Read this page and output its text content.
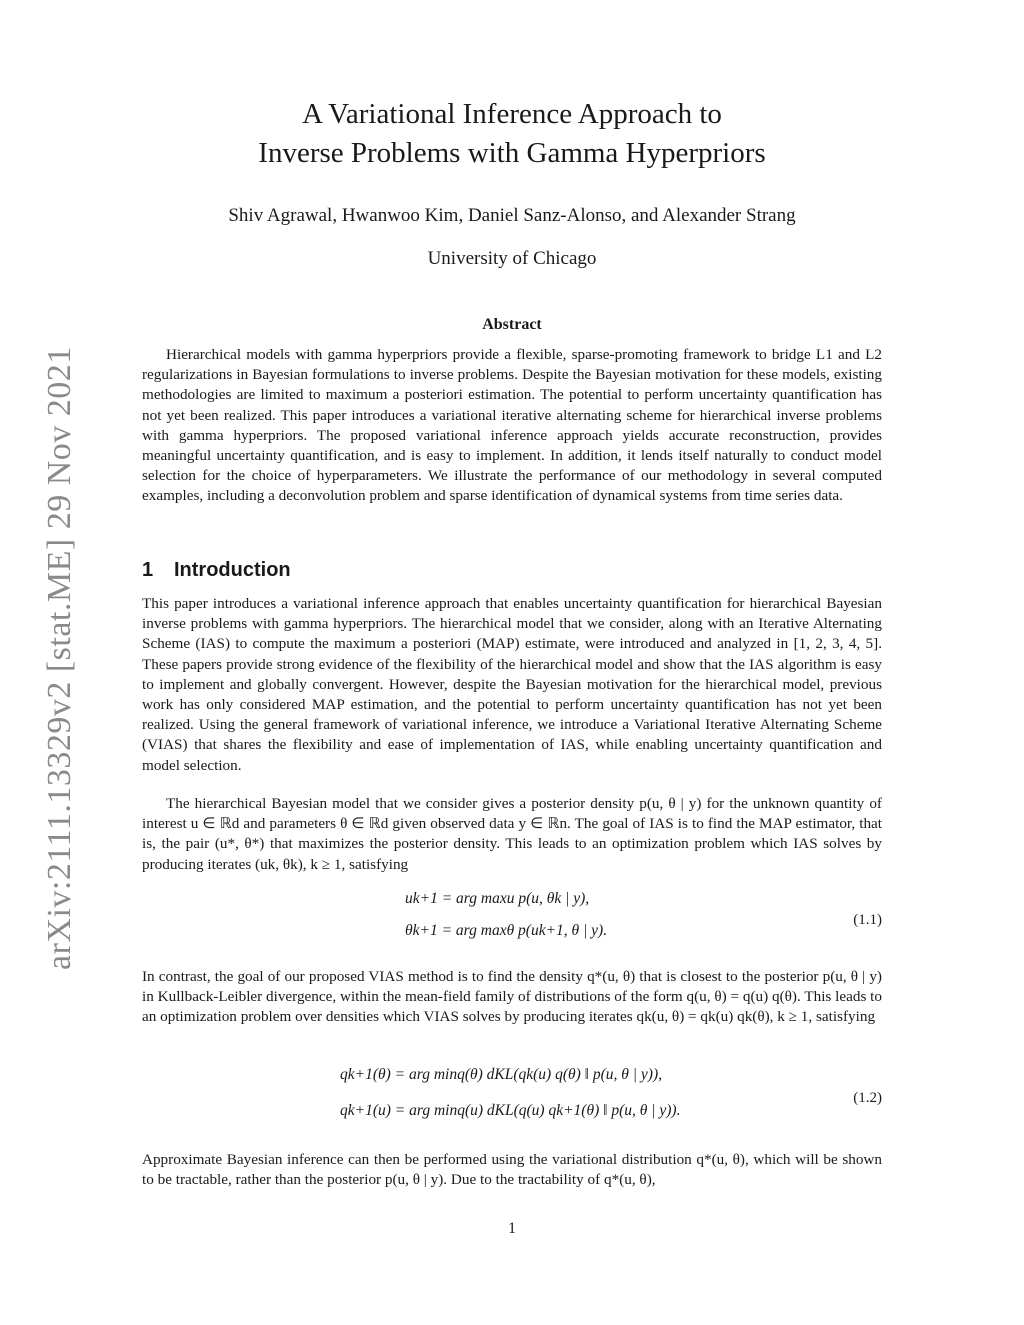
arXiv:2111.13329v2 [stat.ME] 29 Nov 2021
A Variational Inference Approach to
Inverse Problems with Gamma Hyperpriors
Shiv Agrawal, Hwanwoo Kim, Daniel Sanz-Alonso, and Alexander Strang
University of Chicago
Abstract
Hierarchical models with gamma hyperpriors provide a flexible, sparse-promoting framework to bridge L1 and L2 regularizations in Bayesian formulations to inverse problems. Despite the Bayesian motivation for these models, existing methodologies are limited to maximum a posteriori estimation. The potential to perform uncertainty quantification has not yet been realized. This paper introduces a variational iterative alternating scheme for hierarchical inverse problems with gamma hyperpriors. The proposed variational inference approach yields accurate reconstruction, provides meaningful uncertainty quantification, and is easy to implement. In addition, it lends itself naturally to conduct model selection for the choice of hyperparameters. We illustrate the performance of our methodology in several computed examples, including a deconvolution problem and sparse identification of dynamical systems from time series data.
1 Introduction
This paper introduces a variational inference approach that enables uncertainty quantification for hierarchical Bayesian inverse problems with gamma hyperpriors. The hierarchical model that we consider, along with an Iterative Alternating Scheme (IAS) to compute the maximum a posteriori (MAP) estimate, were introduced and analyzed in [1, 2, 3, 4, 5]. These papers provide strong evidence of the flexibility of the hierarchical model and show that the IAS algorithm is easy to implement and globally convergent. However, despite the Bayesian motivation for the hierarchical model, previous work has only considered MAP estimation, and the potential to perform uncertainty quantification has not yet been realized. Using the general framework of variational inference, we introduce a Variational Iterative Alternating Scheme (VIAS) that shares the flexibility and ease of implementation of IAS, while enabling uncertainty quantification and model selection.
The hierarchical Bayesian model that we consider gives a posterior density p(u, θ | y) for the unknown quantity of interest u ∈ ℝd and parameters θ ∈ ℝd given observed data y ∈ ℝn. The goal of IAS is to find the MAP estimator, that is, the pair (u*, θ*) that maximizes the posterior density. This leads to an optimization problem which IAS solves by producing iterates (uk, θk), k ≥ 1, satisfying
uk+1 = arg maxu p(u, θk | y),
θk+1 = arg maxθ p(uk+1, θ | y).
(1.1)
In contrast, the goal of our proposed VIAS method is to find the density q*(u, θ) that is closest to the posterior p(u, θ | y) in Kullback-Leibler divergence, within the mean-field family of distributions of the form q(u, θ) = q(u) q(θ). This leads to an optimization problem over densities which VIAS solves by producing iterates qk(u, θ) = qk(u) qk(θ), k ≥ 1, satisfying
qk+1(θ) = arg minq(θ) dKL(qk(u) q(θ) ‖ p(u, θ | y)),
qk+1(u) = arg minq(u) dKL(q(u) qk+1(θ) ‖ p(u, θ | y)).
(1.2)
Approximate Bayesian inference can then be performed using the variational distribution q*(u, θ), which will be shown to be tractable, rather than the posterior p(u, θ | y). Due to the tractability of q*(u, θ),
1
